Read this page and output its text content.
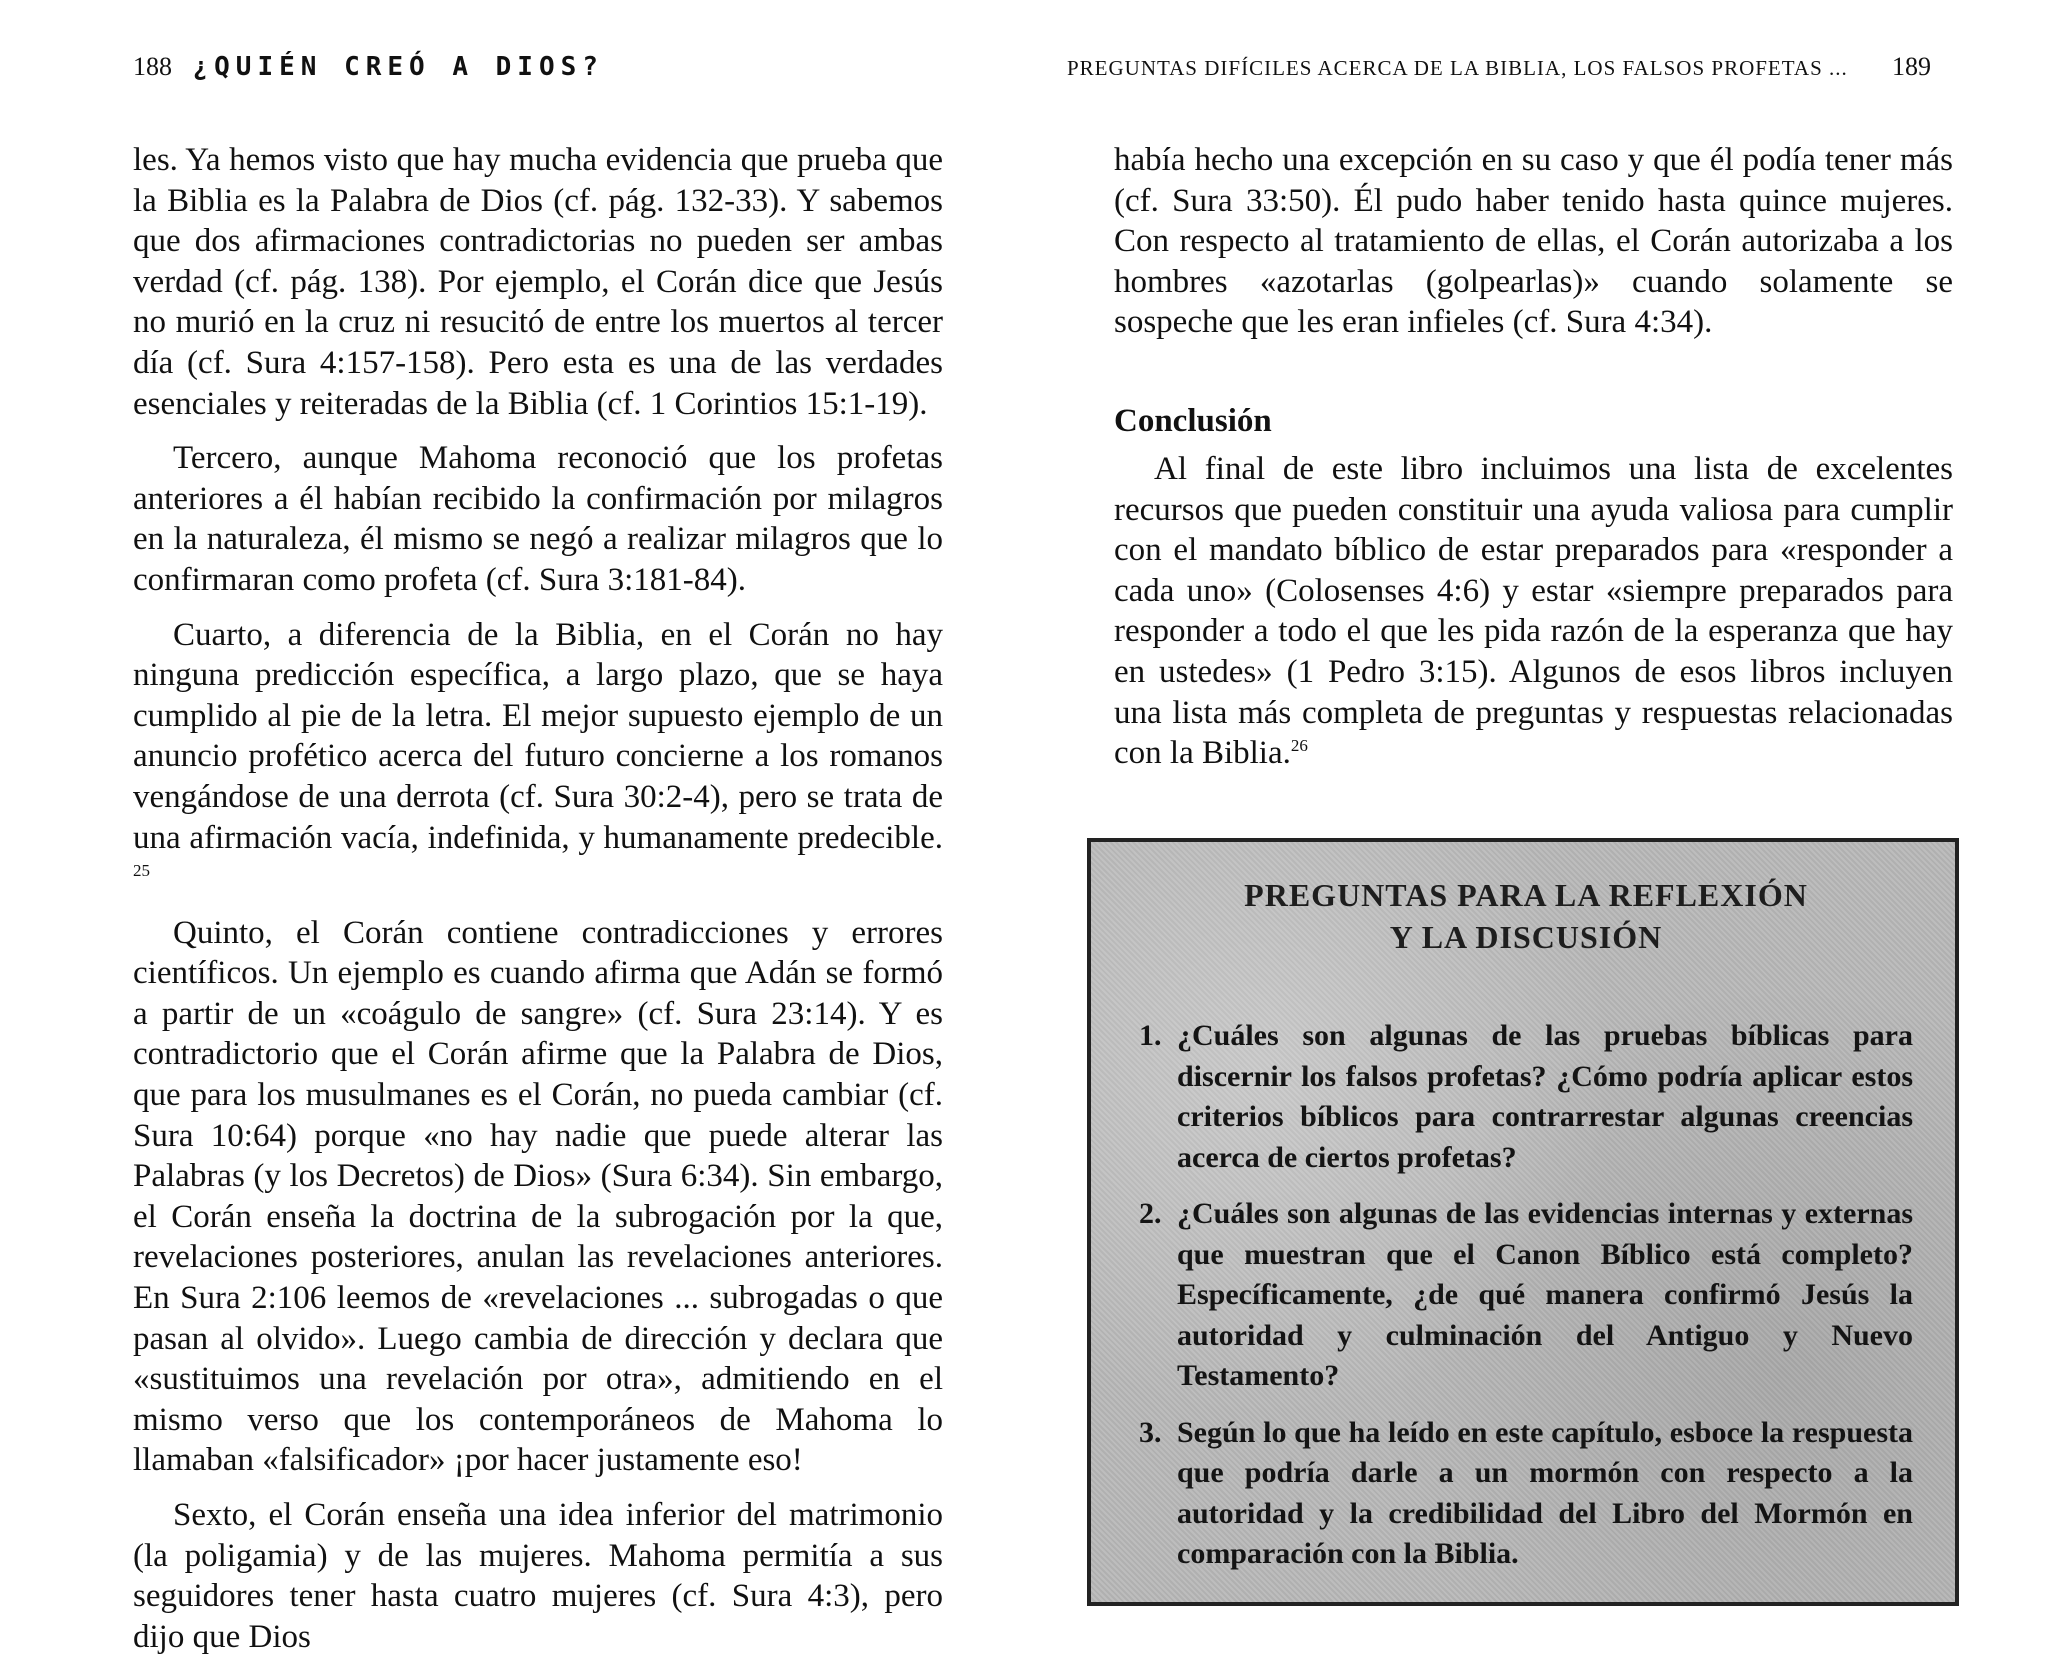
188 ¿QUIÉN CREÓ A DIOS?

les. Ya hemos visto que hay mucha evidencia que prueba que la Biblia es la Palabra de Dios (cf. pág. 132-33). Y sabemos que dos afirmaciones contradictorias no pueden ser ambas verdad (cf. pág. 138). Por ejemplo, el Corán dice que Jesús no murió en la cruz ni resucitó de entre los muertos al tercer día (cf. Sura 4:157-158). Pero esta es una de las verdades esenciales y reiteradas de la Biblia (cf. 1 Corintios 15:1-19).

Tercero, aunque Mahoma reconoció que los profetas anteriores a él habían recibido la confirmación por milagros en la naturaleza, él mismo se negó a realizar milagros que lo confirmaran como profeta (cf. Sura 3:181-84).

Cuarto, a diferencia de la Biblia, en el Corán no hay ninguna predicción específica, a largo plazo, que se haya cumplido al pie de la letra. El mejor supuesto ejemplo de un anuncio profético acerca del futuro concierne a los romanos vengándose de una derrota (cf. Sura 30:2-4), pero se trata de una afirmación vacía, indefinida, y humanamente predecible. $^{25}$

Quinto, el Corán contiene contradicciones y errores científicos. Un ejemplo es cuando afirma que Adán se formó a partir de un «coágulo de sangre» (cf. Sura 23:14). Y es contradictorio que el Corán afirme que la Palabra de Dios, que para los musulmanes es el Corán, no pueda cambiar (cf. Sura 10:64) porque «no hay nadie que puede alterar las Palabras (y los Decretos) de Dios» (Sura 6:34). Sin embargo, el Corán enseña la doctrina de la subrogación por la que, revelaciones posteriores, anulan las revelaciones anteriores. En Sura 2:106 leemos de «revelaciones ... subrogadas o que pasan al olvido». Luego cambia de dirección y declara que «sustituimos una revelación por otra», admitiendo en el mismo verso que los contemporáneos de Mahoma lo llamaban «falsificador» ¡por hacer justamente eso!

Sexto, el Corán enseña una idea inferior del matrimonio (la poligamia) y de las mujeres. Mahoma permitía a sus seguidores tener hasta cuatro mujeres (cf. Sura 4:3), pero dijo que Dios

PREGUNTAS DIFÍCILES ACERCA DE LA BIBLIA, LOS FALSOS PROFETAS ... 189

había hecho una excepción en su caso y que él podía tener más (cf. Sura 33:50). Él pudo haber tenido hasta quince mujeres. Con respecto al tratamiento de ellas, el Corán autorizaba a los hombres «azotarlas (golpearlas)» cuando solamente se sospeche que les eran infieles (cf. Sura 4:34).

Conclusión

Al final de este libro incluimos una lista de excelentes recursos que pueden constituir una ayuda valiosa para cumplir con el mandato bíblico de estar preparados para «responder a cada uno» (Colosenses 4:6) y estar «siempre preparados para responder a todo el que les pida razón de la esperanza que hay en ustedes» (1 Pedro 3:15). Algunos de esos libros incluyen una lista más completa de preguntas y respuestas relacionadas con la Biblia.$^{26}$

PREGUNTAS PARA LA REFLEXIÓN
Y LA DISCUSIÓN
1. ¿Cuáles son algunas de las pruebas bíblicas para discernir los falsos profetas? ¿Cómo podría aplicar estos criterios bíblicos para contrarrestar algunas creencias acerca de ciertos profetas?
2. ¿Cuáles son algunas de las evidencias internas y externas que muestran que el Canon Bíblico está completo? Específicamente, ¿de qué manera confirmó Jesús la autoridad y culminación del Antiguo y Nuevo Testamento?
3. Según lo que ha leído en este capítulo, esboce la respuesta que podría darle a un mormón con respecto a la autoridad y la credibilidad del Libro del Mormón en comparación con la Biblia.
